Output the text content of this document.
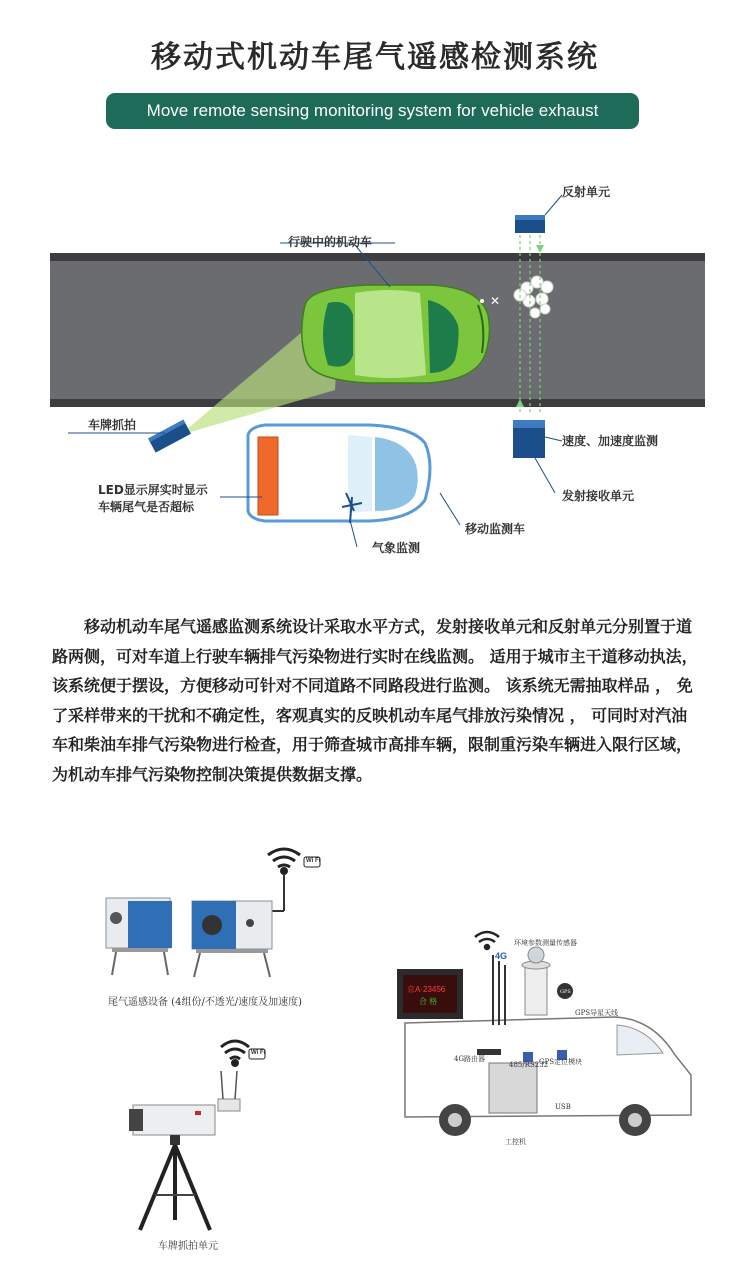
移动式机动车尾气遥感检测系统
Move remote sensing monitoring system for vehicle exhaust
✕
反射单元
行驶中的机动车
车牌抓拍
速度、加速度监测
LED显示屏实时显示
车辆尾气是否超标
发射接收单元
移动监测车
气象监测

移动机动车尾气遥感监测系统设计采取水平方式，发射接收单元和反射单元分别置于道路两侧，可对车道上行驶车辆排气污染物进行实时在线监测。 适用于城市主干道移动执法，该系统便于摆设，方便移动可针对不同道路不同路段进行监测。 该系统无需抽取样品 ， 免了采样带来的干扰和不确定性，客观真实的反映机动车尾气排放污染情况 ， 可同时对汽油车和柴油车排气污染物进行检查，用于筛查城市高排车辆，限制重污染车辆进入限行区域，为机动车排气污染物控制决策提供数据支撑。

Wi Fi
尾气遥感设备 (4组份/不透光/速度及加速度)
Wi Fi
车牌抓拍单元
京A·23456
合 格
4G
环境参数测量传感器
GPS
GPS导星天线
4G路由器
485/RS232
GPS定位模块
USB
工控机
